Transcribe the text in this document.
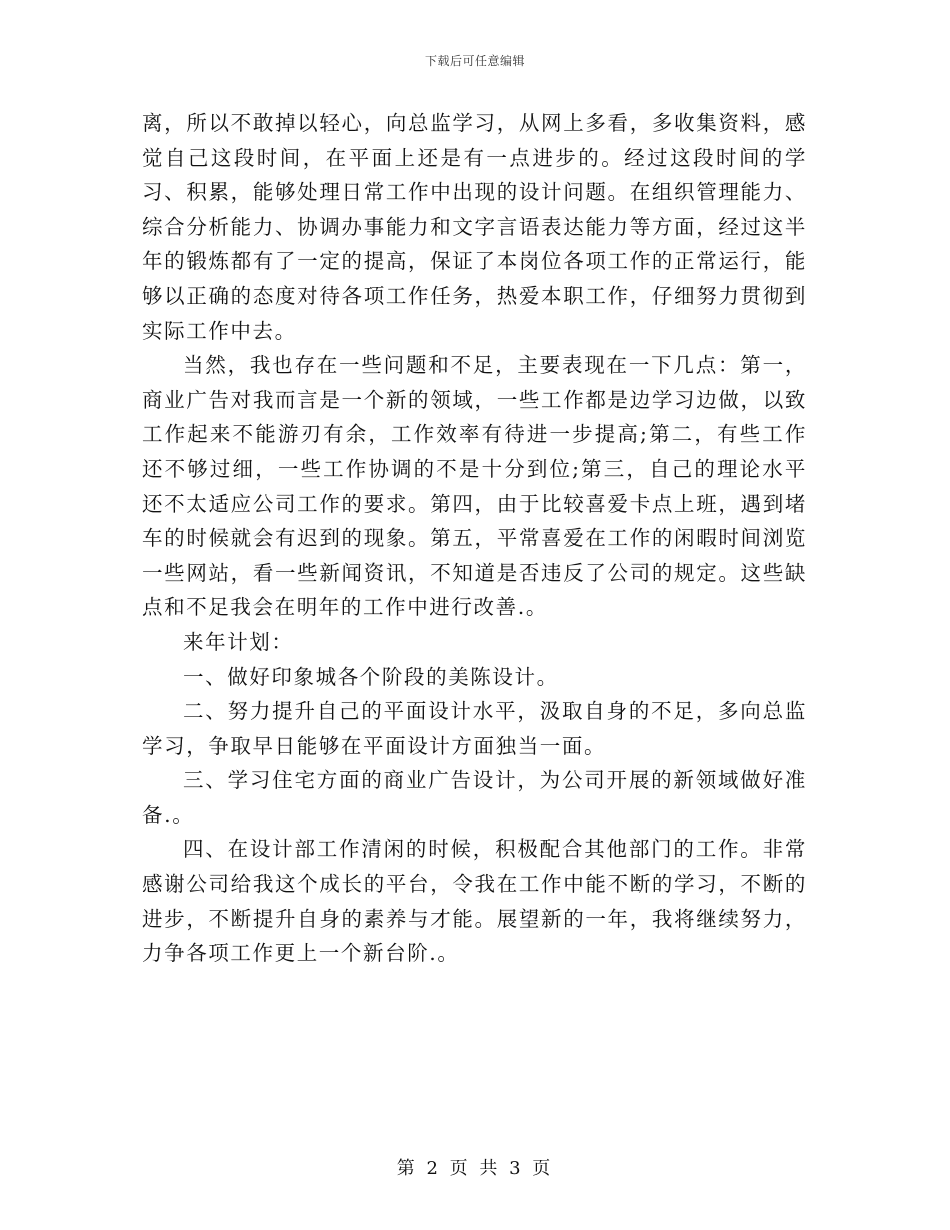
下载后可任意编辑

离，所以不敢掉以轻心，向总监学习，从网上多看，多收集资料，感觉自己这段时间，在平面上还是有一点进步的。经过这段时间的学习、积累，能够处理日常工作中出现的设计问题。在组织管理能力、综合分析能力、协调办事能力和文字言语表达能力等方面，经过这半年的锻炼都有了一定的提高，保证了本岗位各项工作的正常运行，能够以正确的态度对待各项工作任务，热爱本职工作，仔细努力贯彻到实际工作中去。

当然，我也存在一些问题和不足，主要表现在一下几点：第一，商业广告对我而言是一个新的领域，一些工作都是边学习边做，以致工作起来不能游刃有余，工作效率有待进一步提高;第二，有些工作还不够过细，一些工作协调的不是十分到位;第三，自己的理论水平还不太适应公司工作的要求。第四，由于比较喜爱卡点上班，遇到堵车的时候就会有迟到的现象。第五，平常喜爱在工作的闲暇时间浏览一些网站，看一些新闻资讯，不知道是否违反了公司的规定。这些缺点和不足我会在明年的工作中进行改善.。

来年计划：

一、做好印象城各个阶段的美陈设计。

二、努力提升自己的平面设计水平，汲取自身的不足，多向总监学习，争取早日能够在平面设计方面独当一面。

三、学习住宅方面的商业广告设计，为公司开展的新领域做好准备.。

四、在设计部工作清闲的时候，积极配合其他部门的工作。非常感谢公司给我这个成长的平台，令我在工作中能不断的学习，不断的进步，不断提升自身的素养与才能。展望新的一年，我将继续努力，力争各项工作更上一个新台阶.。

第 2 页 共 3 页
